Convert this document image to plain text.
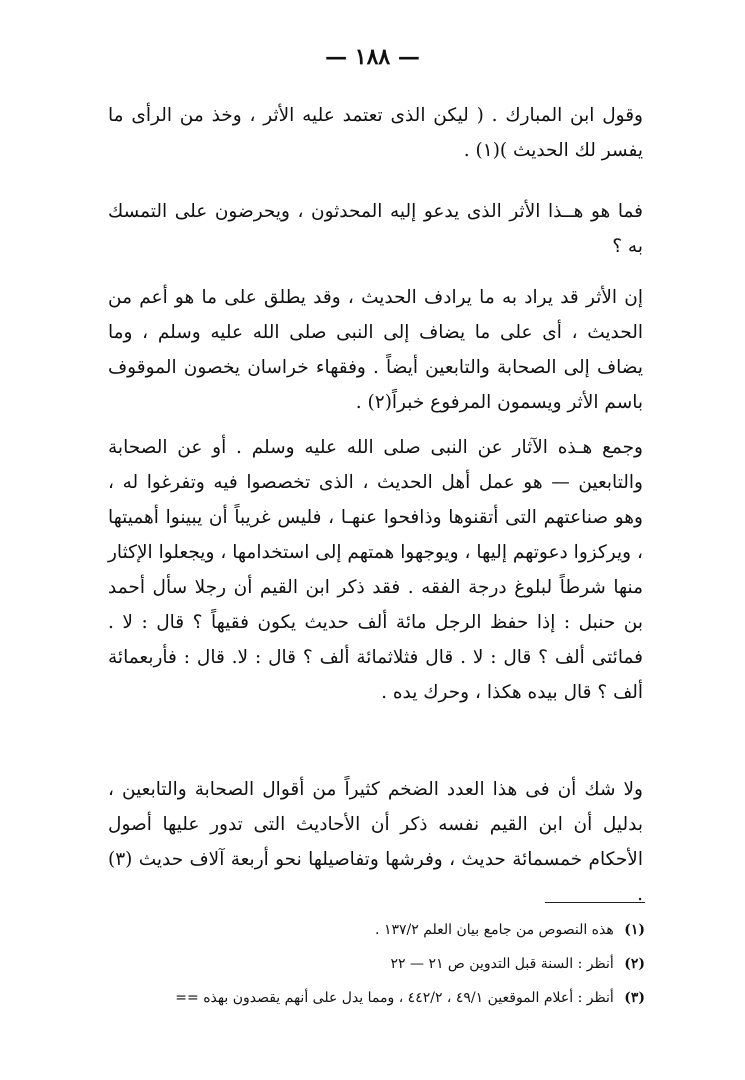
— ١٨٨ —

وقول ابن المبارك . ( ليكن الذى تعتمد عليه الأثر ، وخذ من الرأى ما يفسر لك الحديث )(١) .

فما هو هــذا الأثر الذى يدعو إليه المحدثون ، ويحرضون على التمسك به ؟

إن الأثر قد يراد به ما يرادف الحديث ، وقد يطلق على ما هو أعم من الحديث ، أى على ما يضاف إلى النبى صلى الله عليه وسلم ، وما يضاف إلى الصحابة والتابعين أيضاً . وفقهاء خراسان يخصون الموقوف باسم الأثر ويسمون المرفوع خبراً(٢) .

وجمع هـذه الآثار عن النبى صلى الله عليه وسلم . أو عن الصحابة والتابعين — هو عمل أهل الحديث ، الذى تخصصوا فيه وتفرغوا له ، وهو صناعتهم التى أتقنوها وذافحوا عنهـا ، فليس غريباً أن يبينوا أهميتها ، ويركزوا دعوتهم إليها ، ويوجهوا همتهم إلى استخدامها ، ويجعلوا الإكثار منها شرطاً لبلوغ درجة الفقه . فقد ذكر ابن القيم أن رجلا سأل أحمد بن حنبل : إذا حفظ الرجل مائة ألف حديث يكون فقيهاً ؟ قال : لا . فمائتى ألف ؟ قال : لا . قال فثلاثمائة ألف ؟ قال : لا. قال : فأربعمائة ألف ؟ قال بيده هكذا ، وحرك يده .

ولا شك أن فى هذا العدد الضخم كثيراً من أقوال الصحابة والتابعين ، بدليل أن ابن القيم نفسه ذكر أن الأحاديث التى تدور عليها أصول الأحكام خمسمائة حديث ، وفرشها وتفاصيلها نحو أربعة آلاف حديث (٣) .

(١) هذه النصوص من جامع بيان العلم ١٣٧/٢ .
(٢) أنظر : السنة قبل التدوين ص ٢١ — ٢٢
(٣) أنظر : أعلام الموقعين ٤٩/١ ، ٤٤٢/٢ ، ومما يدل على أنهم يقصدون بهذه ==
